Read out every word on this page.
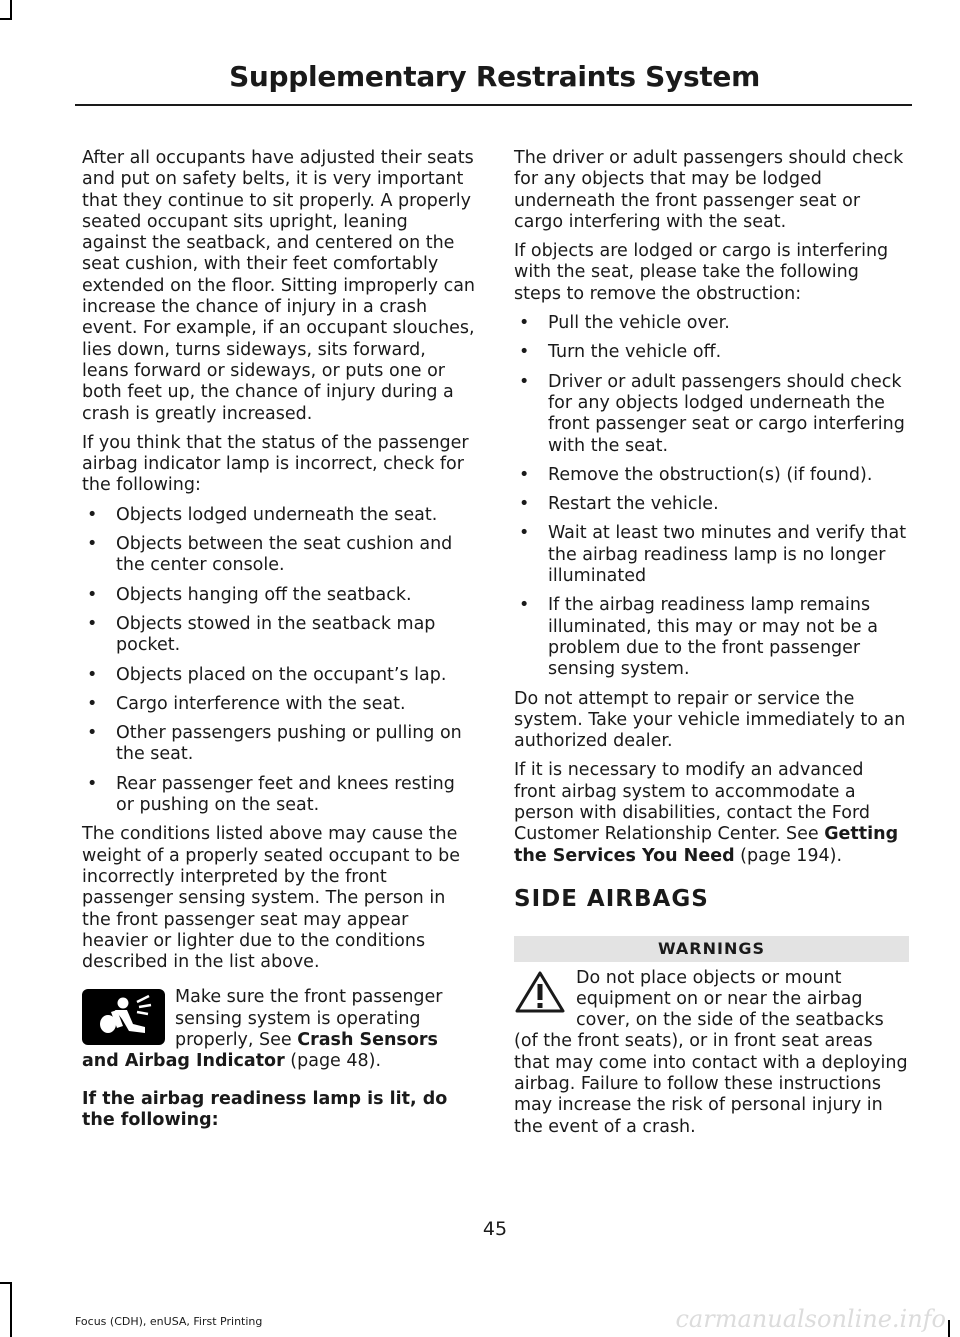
Supplementary Restraints System

After all occupants have adjusted their seats and put on safety belts, it is very important that they continue to sit properly. A properly seated occupant sits upright, leaning against the seatback, and centered on the seat cushion, with their feet comfortably extended on the floor. Sitting improperly can increase the chance of injury in a crash event. For example, if an occupant slouches, lies down, turns sideways, sits forward, leans forward or sideways, or puts one or both feet up, the chance of injury during a crash is greatly increased.

If you think that the status of the passenger airbag indicator lamp is incorrect, check for the following:

• Objects lodged underneath the seat.
• Objects between the seat cushion and the center console.
• Objects hanging off the seatback.
• Objects stowed in the seatback map pocket.
• Objects placed on the occupant’s lap.
• Cargo interference with the seat.
• Other passengers pushing or pulling on the seat.
• Rear passenger feet and knees resting or pushing on the seat.

The conditions listed above may cause the weight of a properly seated occupant to be incorrectly interpreted by the front passenger sensing system. The person in the front passenger seat may appear heavier or lighter due to the conditions described in the list above.

Make sure the front passenger sensing system is operating properly, See Crash Sensors and Airbag Indicator (page 48).

If the airbag readiness lamp is lit, do the following:

The driver or adult passengers should check for any objects that may be lodged underneath the front passenger seat or cargo interfering with the seat.

If objects are lodged or cargo is interfering with the seat, please take the following steps to remove the obstruction:

• Pull the vehicle over.
• Turn the vehicle off.
• Driver or adult passengers should check for any objects lodged underneath the front passenger seat or cargo interfering with the seat.
• Remove the obstruction(s) (if found).
• Restart the vehicle.
• Wait at least two minutes and verify that the airbag readiness lamp is no longer illuminated
• If the airbag readiness lamp remains illuminated, this may or may not be a problem due to the front passenger sensing system.

Do not attempt to repair or service the system. Take your vehicle immediately to an authorized dealer.

If it is necessary to modify an advanced front airbag system to accommodate a person with disabilities, contact the Ford Customer Relationship Center. See Getting the Services You Need (page 194).

SIDE AIRBAGS
WARNINGS
Do not place objects or mount equipment on or near the airbag cover, on the side of the seatbacks (of the front seats), or in front seat areas that may come into contact with a deploying airbag. Failure to follow these instructions may increase the risk of personal injury in the event of a crash.
45
Focus (CDH), enUSA, First Printing	carmanualsonline.info
